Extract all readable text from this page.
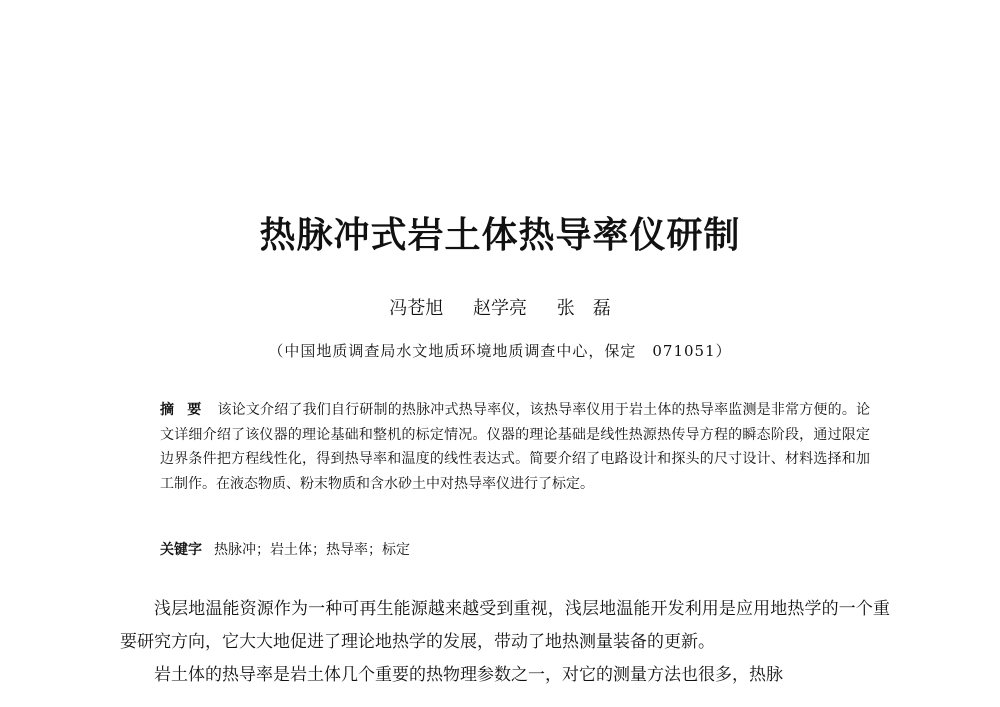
热脉冲式岩土体热导率仪研制
冯苍旭 赵学亮 张　磊
（中国地质调查局水文地质环境地质调查中心，保定　071051）
摘 要 该论文介绍了我们自行研制的热脉冲式热导率仪，该热导率仪用于岩土体的热导率监测是非常方便的。论文详细介绍了该仪器的理论基础和整机的标定情况。仪器的理论基础是线性热源热传导方程的瞬态阶段，通过限定边界条件把方程线性化，得到热导率和温度的线性表达式。简要介绍了电路设计和探头的尺寸设计、材料选择和加工制作。在液态物质、粉末物质和含水砂土中对热导率仪进行了标定。
关键字 热脉冲；岩土体；热导率；标定

浅层地温能资源作为一种可再生能源越来越受到重视，浅层地温能开发利用是应用地热学的一个重要研究方向，它大大地促进了理论地热学的发展，带动了地热测量装备的更新。

岩土体的热导率是岩土体几个重要的热物理参数之一，对它的测量方法也很多，热脉
